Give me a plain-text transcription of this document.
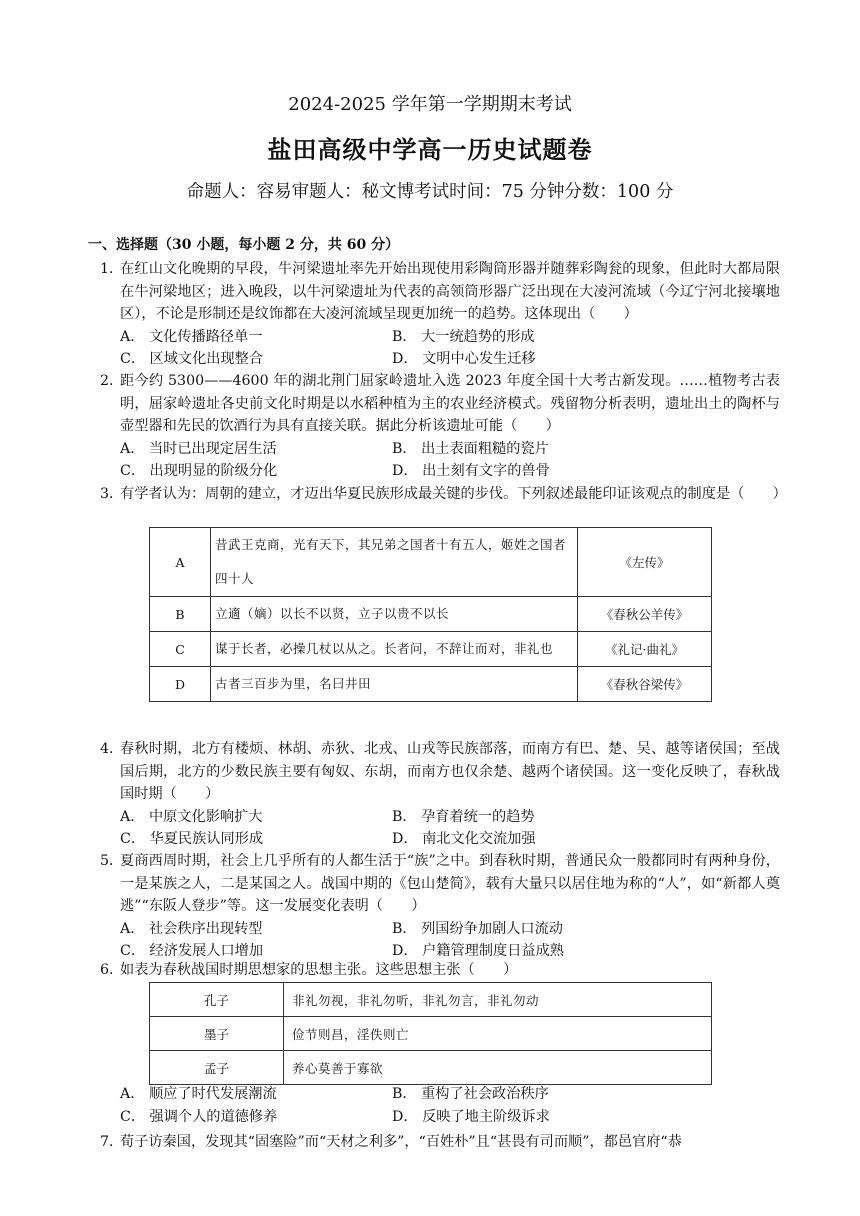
2024-2025 学年第一学期期末考试
盐田高级中学高一历史试题卷
命题人：容易审题人：秘文博考试时间：75 分钟分数：100 分
一、选择题（30 小题，每小题 2 分，共 60 分）
1．
在红山文化晚期的早段，牛河梁遗址率先开始出现使用彩陶筒形器并随葬彩陶瓮的现象，但此时大都局限在牛河梁地区；进入晚段，以牛河梁遗址为代表的高领筒形器广泛出现在大凌河流域（今辽宁河北接壤地区），不论是形制还是纹饰都在大凌河流域呈现更加统一的趋势。这体现出（　　）
A． 文化传播路径单一	B． 大一统趋势的形成
C． 区域文化出现整合	D． 文明中心发生迁移
2．
距今约 5300——4600 年的湖北荆门屈家岭遗址入选 2023 年度全国十大考古新发现。……植物考古表明，屈家岭遗址各史前文化时期是以水稻种植为主的农业经济模式。残留物分析表明，遗址出土的陶杯与壶型器和先民的饮酒行为具有直接关联。据此分析该遗址可能（　　）
A． 当时已出现定居生活	B． 出土表面粗糙的瓷片
C． 出现明显的阶级分化	D． 出土刻有文字的兽骨
3．
有学者认为：周朝的建立，才迈出华夏民族形成最关键的步伐。下列叙述最能印证该观点的制度是（　　）
A	昔武王克商，光有天下，其兄弟之国者十有五人，姬姓之国者四十人	《左传》
B	立適（嫡）以长不以贤，立子以贵不以长	《春秋公羊传》
C	谋于长者，必操几杖以从之。长者问，不辞让而对，非礼也	《礼记·曲礼》
D	古者三百步为里，名曰井田	《春秋谷梁传》
4．
春秋时期，北方有楼烦、林胡、赤狄、北戎、山戎等民族部落，而南方有巴、楚、吴、越等诸侯国；至战国后期，北方的少数民族主要有匈奴、东胡，而南方也仅余楚、越两个诸侯国。这一变化反映了，春秋战国时期（　　）
A． 中原文化影响扩大	B． 孕育着统一的趋势
C． 华夏民族认同形成	D． 南北文化交流加强
5．
夏商西周时期，社会上几乎所有的人都生活于“族”之中。到春秋时期，普通民众一般都同时有两种身份，一是某族之人，二是某国之人。战国中期的《包山楚简》，载有大量只以居住地为称的“人”，如“新都人奠逃”“东阪人登步”等。这一发展变化表明（　　）
A． 社会秩序出现转型	B． 列国纷争加剧人口流动
C． 经济发展人口增加	D． 户籍管理制度日益成熟
6．
如表为春秋战国时期思想家的思想主张。这些思想主张（　　）
孔子	非礼勿视，非礼勿听，非礼勿言，非礼勿动
墨子	俭节则昌，淫佚则亡
孟子	养心莫善于寡欲
A． 顺应了时代发展潮流	B． 重构了社会政治秩序
C． 强调个人的道德修养	D． 反映了地主阶级诉求
7．
荀子访秦国，发现其“固塞险”而“天材之利多”，“百姓朴”且“甚畏有司而顺”，都邑官府“恭
